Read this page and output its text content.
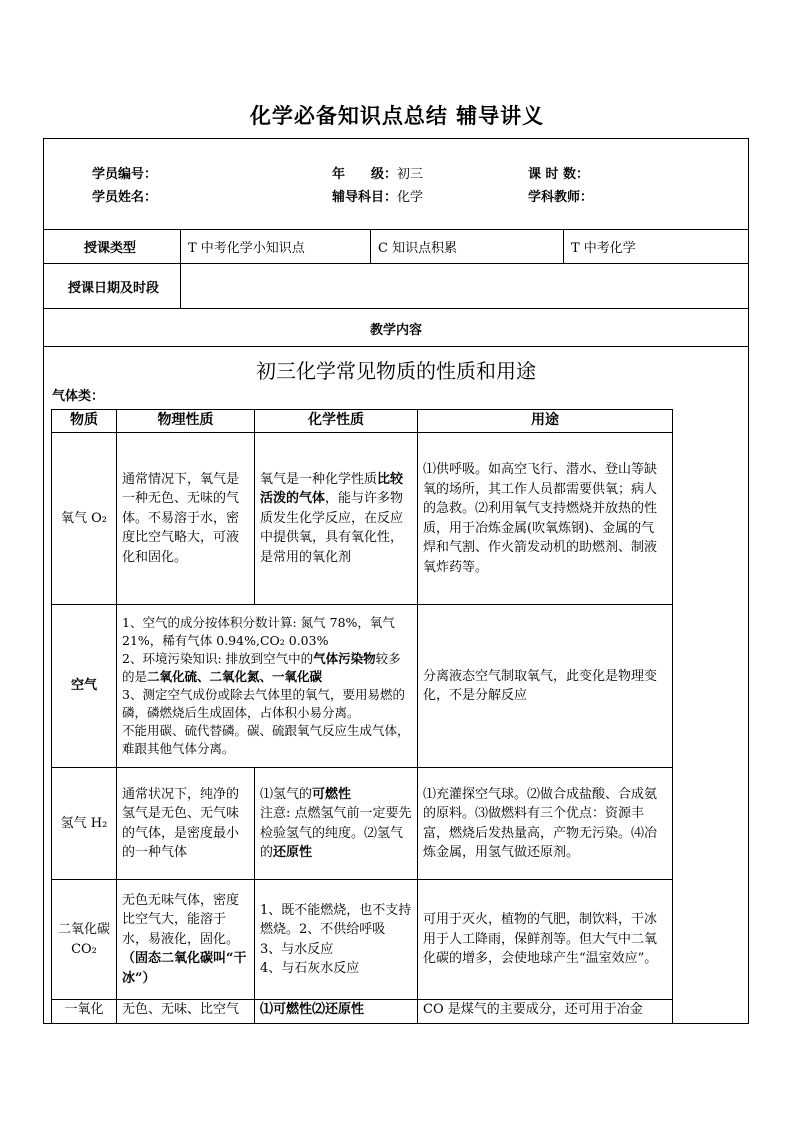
化学必备知识点总结 辅导讲义
学员编号：	年　　级：初三	课 时 数：
学员姓名：	辅导科目：化学	学科教师：
授课类型	T 中考化学小知识点	C 知识点积累	T 中考化学
授课日期及时段
教学内容
初三化学常见物质的性质和用途
气体类：
物质	物理性质	化学性质	用途
氧气 O₂	通常情况下，氧气是一种无色、无味的气体。不易溶于水，密度比空气略大，可液化和固化。	氧气是一种化学性质比较活泼的气体，能与许多物质发生化学反应，在反应中提供氧，具有氧化性，是常用的氧化剂	⑴供呼吸。如高空飞行、潜水、登山等缺氧的场所，其工作人员都需要供氧；病人的急救。⑵利用氧气支持燃烧并放热的性质，用于冶炼金属(吹氧炼钢)、金属的气焊和气割、作火箭发动机的助燃剂、制液氧炸药等。
空气	1、空气的成分按体积分数计算: 氮气 78%，氧气 21%，稀有气体 0.94%,CO₂ 0.03%
2、环境污染知识: 排放到空气中的气体污染物较多的是二氧化硫、二氧化氮、一氧化碳
3、测定空气成份或除去气体里的氧气，要用易燃的磷，磷燃烧后生成固体，占体积小易分离。
不能用碳、硫代替磷。碳、硫跟氧气反应生成气体，难跟其他气体分离。		分离液态空气制取氧气，此变化是物理变化，不是分解反应
氢气 H₂	通常状况下，纯净的氢气是无色、无气味的气体，是密度最小的一种气体	⑴氢气的可燃性
注意: 点燃氢气前一定要先检验氢气的纯度。⑵氢气的还原性	⑴充灌探空气球。⑵做合成盐酸、合成氨的原料。⑶做燃料有三个优点：资源丰富，燃烧后发热量高，产物无污染。⑷冶炼金属，用氢气做还原剂。
二氧化碳 CO₂	无色无味气体，密度比空气大，能溶于水，易液化，固化。（固态二氧化碳叫“干冰”）	1、既不能燃烧，也不支持燃烧。2、不供给呼吸
3、与水反应
4、与石灰水反应	可用于灭火，植物的气肥，制饮料，干冰用于人工降雨，保鲜剂等。但大气中二氧化碳的增多，会使地球产生“温室效应”。
一氧化	无色、无味、比空气	⑴可燃性⑵还原性	CO 是煤气的主要成分，还可用于冶金
